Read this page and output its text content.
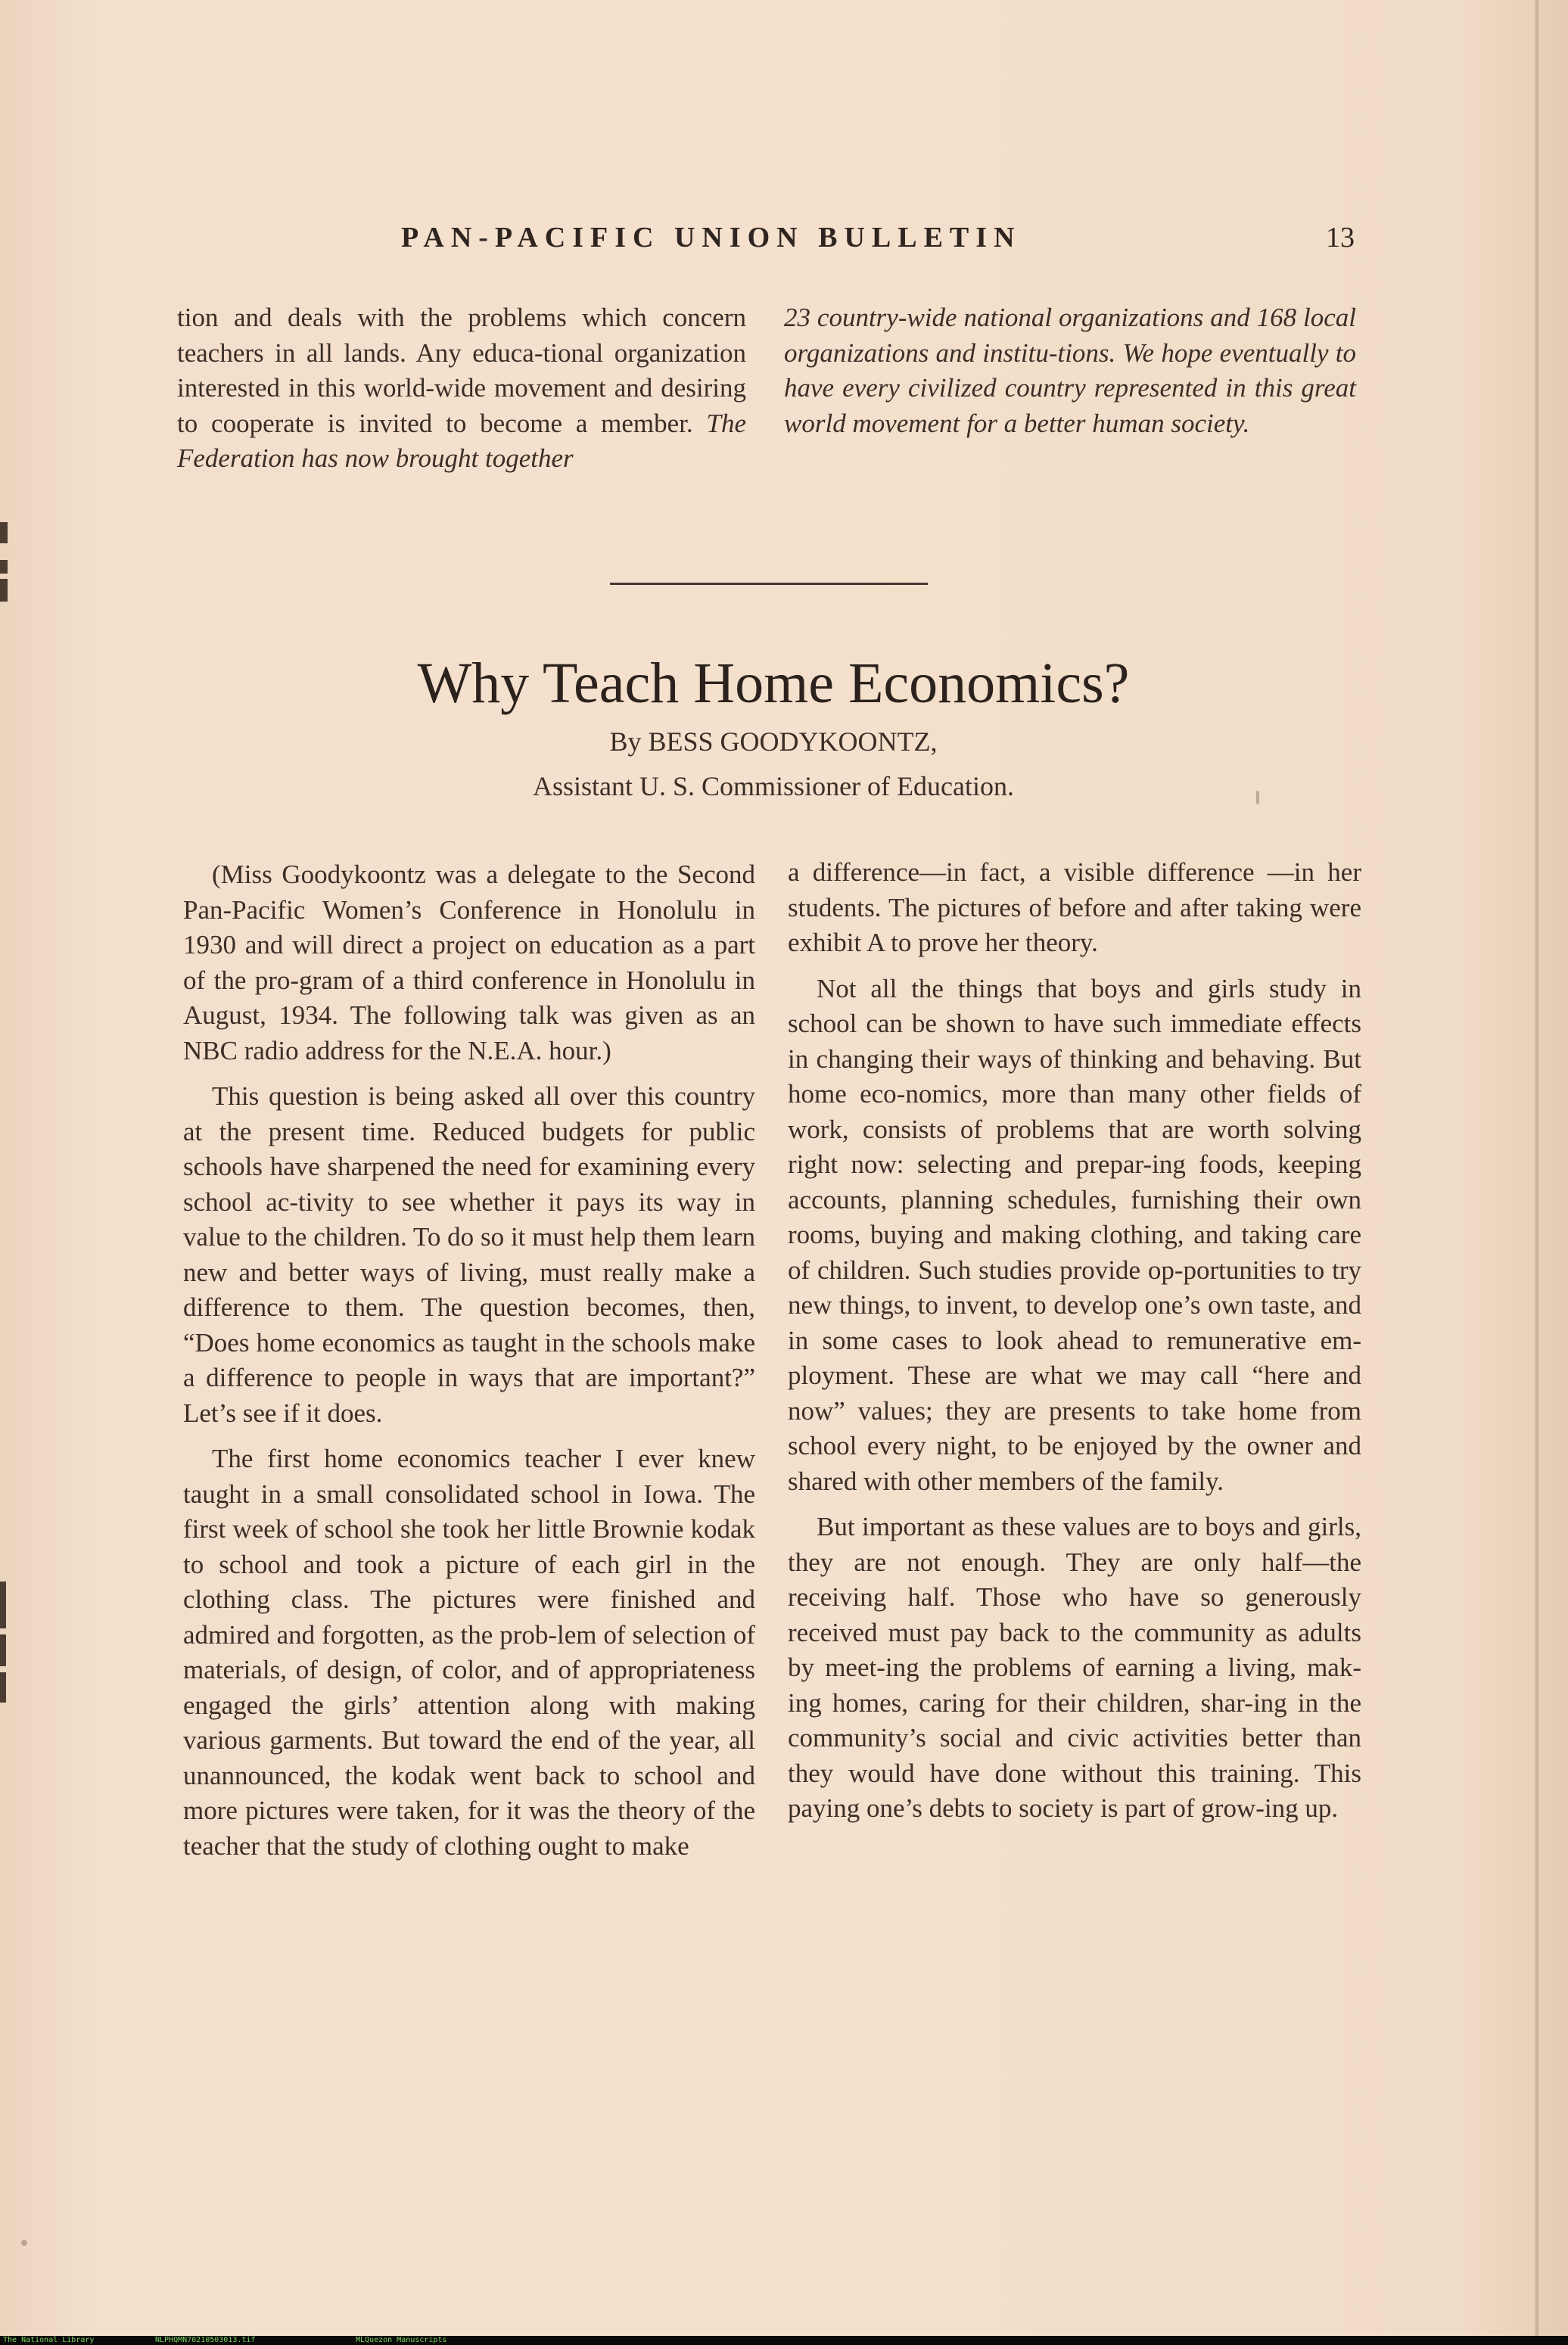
PAN-PACIFIC UNION BULLETIN	13

tion and deals with the problems which concern teachers in all lands. Any educa-tional organization interested in this world-wide movement and desiring to cooperate is invited to become a member. The Federation has now brought together

23 country-wide national organizations and 168 local organizations and institu-tions. We hope eventually to have every civilized country represented in this great world movement for a better human society.

Why Teach Home Economics?
By BESS GOODYKOONTZ,
Assistant U. S. Commissioner of Education.

(Miss Goodykoontz was a delegate to the Second Pan-Pacific Women’s Conference in Honolulu in 1930 and will direct a project on education as a part of the pro-gram of a third conference in Honolulu in August, 1934. The following talk was given as an NBC radio address for the N.E.A. hour.)

This question is being asked all over this country at the present time. Reduced budgets for public schools have sharpened the need for examining every school ac-tivity to see whether it pays its way in value to the children. To do so it must help them learn new and better ways of living, must really make a difference to them. The question becomes, then, “Does home economics as taught in the schools make a difference to people in ways that are important?” Let’s see if it does.

The first home economics teacher I ever knew taught in a small consolidated school in Iowa. The first week of school she took her little Brownie kodak to school and took a picture of each girl in the clothing class. The pictures were finished and admired and forgotten, as the prob-lem of selection of materials, of design, of color, and of appropriateness engaged the girls’ attention along with making various garments. But toward the end of the year, all unannounced, the kodak went back to school and more pictures were taken, for it was the theory of the teacher that the study of clothing ought to make

a difference—in fact, a visible difference —in her students. The pictures of before and after taking were exhibit A to prove her theory.

Not all the things that boys and girls study in school can be shown to have such immediate effects in changing their ways of thinking and behaving. But home eco-nomics, more than many other fields of work, consists of problems that are worth solving right now: selecting and prepar-ing foods, keeping accounts, planning schedules, furnishing their own rooms, buying and making clothing, and taking care of children. Such studies provide op-portunities to try new things, to invent, to develop one’s own taste, and in some cases to look ahead to remunerative em-ployment. These are what we may call “here and now” values; they are presents to take home from school every night, to be enjoyed by the owner and shared with other members of the family.

But important as these values are to boys and girls, they are not enough. They are only half—the receiving half. Those who have so generously received must pay back to the community as adults by meet-ing the problems of earning a living, mak-ing homes, caring for their children, shar-ing in the community’s social and civic activities better than they would have done without this training. This paying one’s debts to society is part of grow-ing up.

The National Library	NLPHQMN70210503013.tif	MLQuezon Manuscripts
